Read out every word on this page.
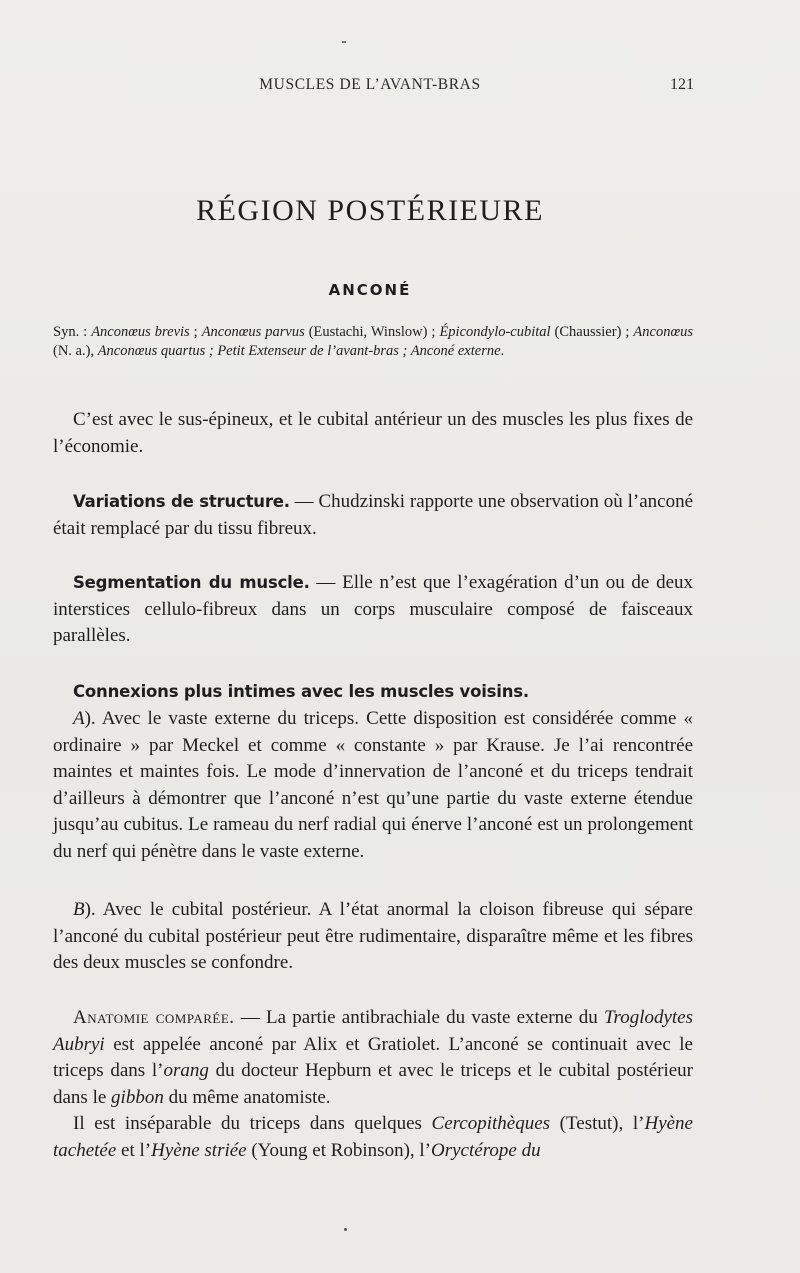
MUSCLES DE L’AVANT-BRAS	121
RÉGION POSTÉRIEURE
ANCONÉ
Syn. : Anconœus brevis ; Anconœus parvus (Eustachi, Winslow) ; Épicondylo-cubital (Chaussier) ; Anconœus (N. a.), Anconœus quartus ; Petit Extenseur de l’avant-bras ; Anconé externe.

C’est avec le sus-épineux, et le cubital antérieur un des muscles les plus fixes de l’économie.

Variations de structure. — Chudzinski rapporte une observation où l’anconé était remplacé par du tissu fibreux.

Segmentation du muscle. — Elle n’est que l’exagération d’un ou de deux interstices cellulo-fibreux dans un corps musculaire composé de faisceaux parallèles.

Connexions plus intimes avec les muscles voisins.

A). Avec le vaste externe du triceps. Cette disposition est considérée comme « ordinaire » par Meckel et comme « constante » par Krause. Je l’ai rencontrée maintes et maintes fois. Le mode d’innervation de l’anconé et du triceps tendrait d’ailleurs à démontrer que l’anconé n’est qu’une partie du vaste externe étendue jusqu’au cubitus. Le rameau du nerf radial qui énerve l’anconé est un prolongement du nerf qui pénètre dans le vaste externe.

B). Avec le cubital postérieur. A l’état anormal la cloison fibreuse qui sépare l’anconé du cubital postérieur peut être rudimentaire, disparaître même et les fibres des deux muscles se confondre.

Anatomie comparée. — La partie antibrachiale du vaste externe du Troglodytes Aubryi est appelée anconé par Alix et Gratiolet. L’anconé se continuait avec le triceps dans l’orang du docteur Hepburn et avec le triceps et le cubital postérieur dans le gibbon du même anatomiste.

Il est inséparable du triceps dans quelques Cercopithèques (Testut), l’Hyène tachetée et l’Hyène striée (Young et Robinson), l’Oryctérope du
